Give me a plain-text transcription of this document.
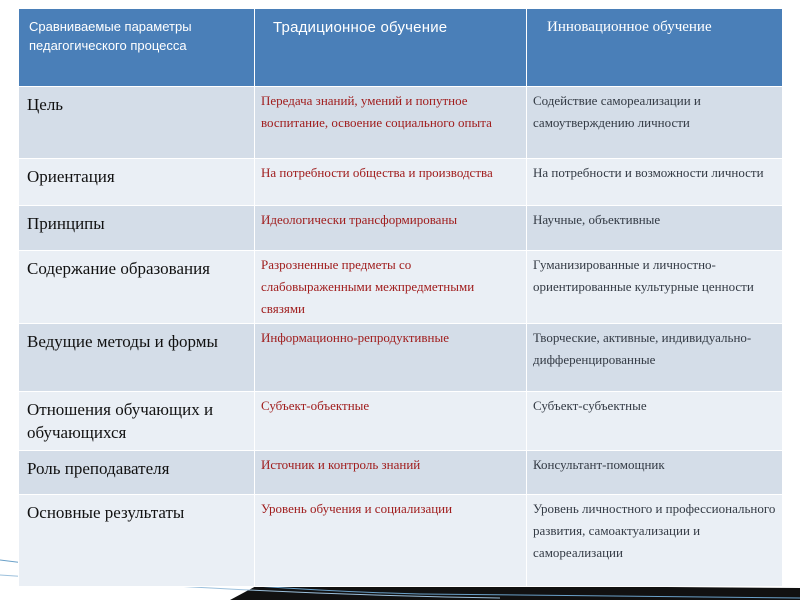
Сравниваемые параметры педагогического процесса	Традиционное обучение	Инновационное обучение
Цель	Передача знаний, умений и попутное воспитание, освоение социального опыта	Содействие самореализации и самоутверждению личности
Ориентация	На потребности общества и производства	На потребности и возможности личности
Принципы	Идеологически трансформированы	Научные, объективные
Содержание образования	Разрозненные предметы со слабовыраженными межпредметными связями	Гуманизированные и личностно-ориентированные культурные ценности
Ведущие методы и формы	Информационно-репродуктивные	Творческие, активные, индивидуально-дифференцированные
Отношения обучающих и обучающихся	Субъект-объектные	Субъект-субъектные
Роль преподавателя	Источник и контроль знаний	Консультант-помощник
Основные результаты	Уровень обучения и социализации	Уровень личностного и профессионального развития, самоактуализации и самореализации
